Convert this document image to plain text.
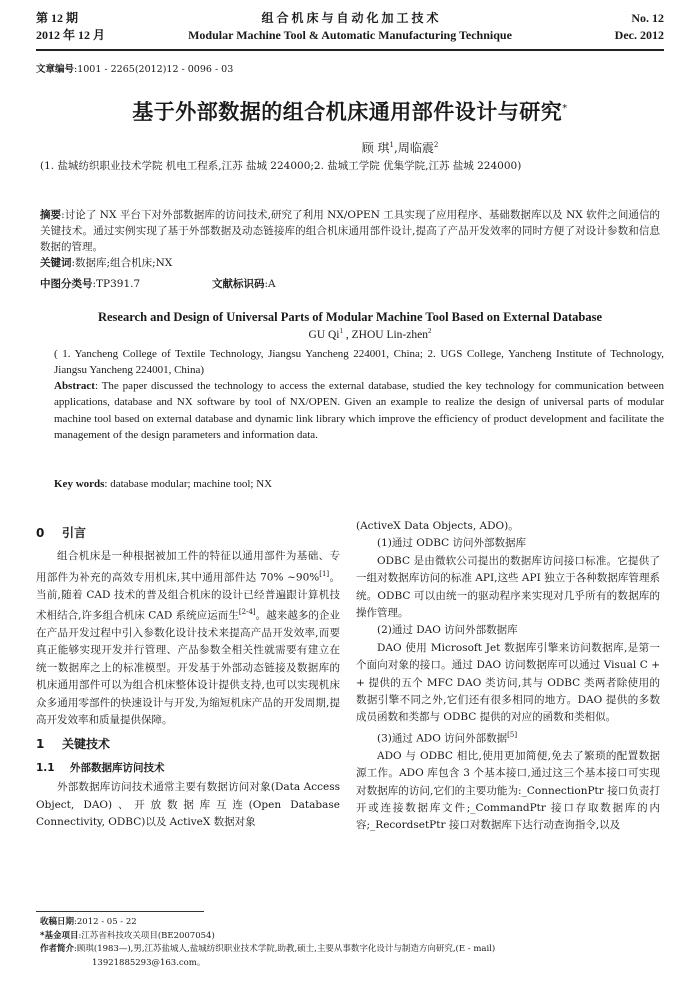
第 12 期
2012 年 12 月
组 合 机 床 与 自 动 化 加 工 技 术
Modular Machine Tool & Automatic Manufacturing Technique
No. 12
Dec. 2012
文章编号:1001 - 2265(2012)12 - 0096 - 03
基于外部数据的组合机床通用部件设计与研究*
顾 琪$^1$,周临震$^2$
(1. 盐城纺织职业技术学院 机电工程系,江苏 盐城 224000;2. 盐城工学院 优集学院,江苏 盐城 224000)
摘要:讨论了 NX 平台下对外部数据库的访问技术,研究了利用 NX/OPEN 工具实现了应用程序、基础数据库以及 NX 软件之间通信的关键技术。通过实例实现了基于外部数据及动态链接库的组合机床通用部件设计,提高了产品开发效率的同时方便了对设计参数和信息数据的管理。
关键词:数据库;组合机床;NX
中图分类号:TP391.7	文献标识码:A
Research and Design of Universal Parts of Modular Machine Tool Based on External Database
GU Qi$^1$ , ZHOU Lin-zhen$^2$
( 1. Yancheng College of Textile Technology, Jiangsu Yancheng 224001, China; 2. UGS College, Yancheng Institute of Technology, Jiangsu Yancheng 224001, China)
Abstract: The paper discussed the technology to access the external database, studied the key technology for communication between applications, database and NX software by tool of NX/OPEN. Given an example to realize the design of universal parts of modular machine tool based on external database and dynamic link library which improve the efficiency of product development and facilitate the management of the design parameters and information data.
Key words: database modular; machine tool; NX
0 引言

组合机床是一种根据被加工件的特征以通用部件为基础、专用部件为补充的高效专用机床,其中通用部件达 70% ~90%[1]。当前,随着 CAD 技术的普及组合机床的设计已经普遍跟计算机技术相结合,许多组合机床 CAD 系统应运而生[2-4]。越来越多的企业在产品开发过程中引入参数化设计技术来提高产品开发效率,而要真正能够实现开发并行管理、产品参数全相关性就需要有建立在统一数据库之上的标准模型。开发基于外部动态链接及数据库的机床通用部件可以为组合机床整体设计提供支持,也可以实现机床众多通用零部件的快速设计与开发,为缩短机床产品的开发周期,提高开发效率和质量提供保障。

1 关键技术
1.1 外部数据库访问技术

外部数据库访问技术通常主要有数据访问对象(Data Access Object, DAO)、开放数据库互连(Open Database Connectivity, ODBC)以及 ActiveX 数据对象

(ActiveX Data Objects, ADO)。

(1)通过 ODBC 访问外部数据库

ODBC 是由微软公司提出的数据库访问接口标准。它提供了一组对数据库访问的标准 API,这些 API 独立于各种数据库管理系统。ODBC 可以由统一的驱动程序来实现对几乎所有的数据库的操作管理。

(2)通过 DAO 访问外部数据库

DAO 使用 Microsoft Jet 数据库引擎来访问数据库,是第一个面向对象的接口。通过 DAO 访问数据库可以通过 Visual C + + 提供的五个 MFC DAO 类访问,其与 ODBC 类两者除使用的数据引擎不同之外,它们还有很多相同的地方。DAO 提供的多数成员函数和类都与 ODBC 提供的对应的函数和类相似。

(3)通过 ADO 访问外部数据[5]

ADO 与 ODBC 相比,使用更加简便,免去了繁琐的配置数据源工作。ADO 库包含 3 个基本接口,通过这三个基本接口可实现对数据库的访问,它们的主要功能为:_ConnectionPtr 接口负责打开或连接数据库文件;_CommandPtr 接口存取数据库的内容;_RecordsetPtr 接口对数据库下达行动查询指令,以及

收稿日期:2012 - 05 - 22
*基金项目:江苏省科技攻关项目(BE2007054)
作者简介:顾琪(1983—),男,江苏盐城人,盐城纺织职业技术学院,助教,硕士,主要从事数字化设计与制造方向研究,(E - mail)
13921885293@163.com。
